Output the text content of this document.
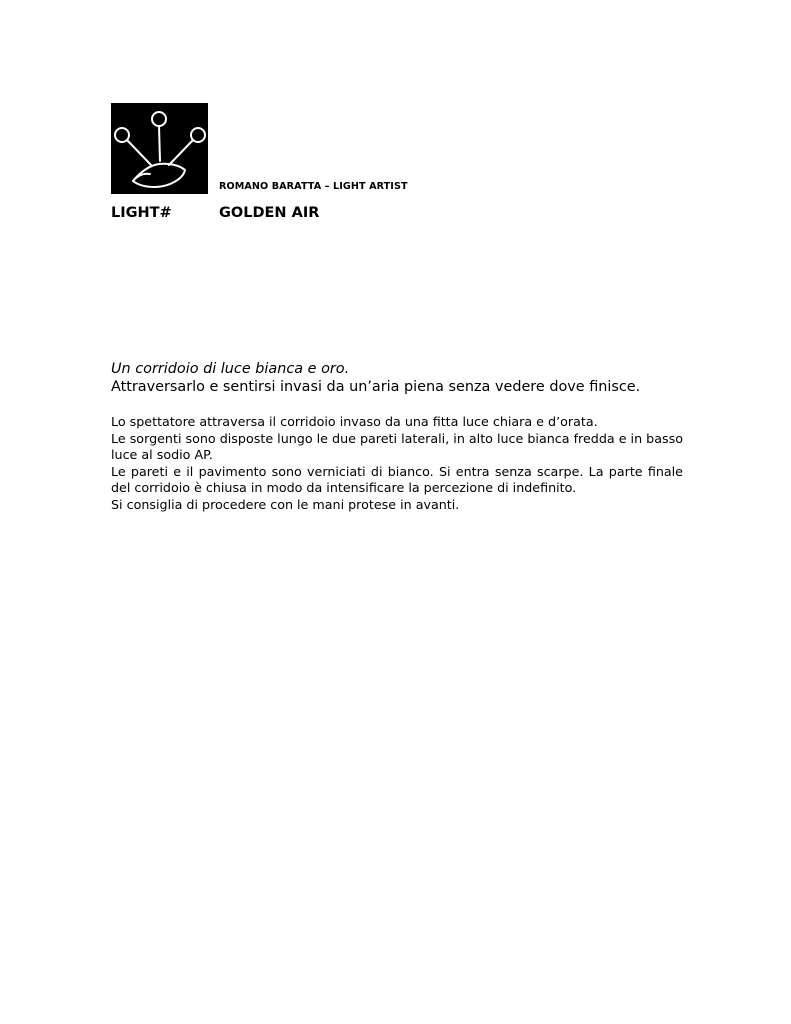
ROMANO BARATTA – LIGHT ARTIST
LIGHT#	GOLDEN AIR

Un corridoio di luce bianca e oro.

Attraversarlo e sentirsi invasi da un’aria piena senza vedere dove finisce.

Lo spettatore attraversa il corridoio invaso da una fitta luce chiara e d’orata.

Le sorgenti sono disposte lungo le due pareti laterali, in alto luce bianca fredda e in basso luce al sodio AP.

Le pareti e il pavimento sono verniciati di bianco. Si entra senza scarpe. La parte finale del corridoio è chiusa in modo da intensificare la percezione di indefinito.

Si consiglia di procedere con le mani protese in avanti.
